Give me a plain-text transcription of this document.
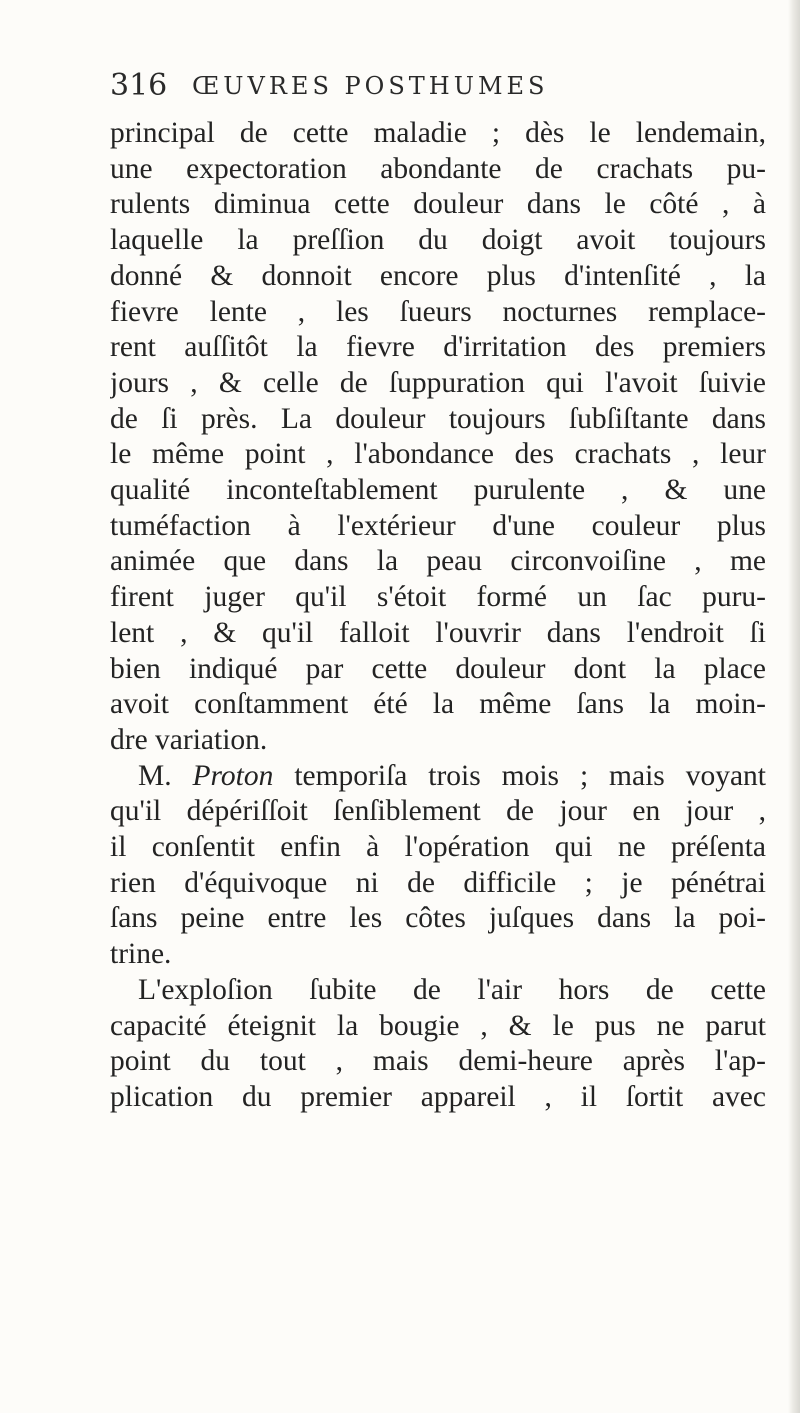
316 ŒUVRES POSTHUMES
principal de cette maladie ; dès le lendemain,
une expectoration abondante de crachats pu-
rulents diminua cette douleur dans le côté , à
laquelle la preſſion du doigt avoit toujours
donné & donnoit encore plus d'intenſité , la
fievre lente , les ſueurs nocturnes remplace-
rent auſſitôt la fievre d'irritation des premiers
jours , & celle de ſuppuration qui l'avoit ſuivie
de ſi près. La douleur toujours ſubſiſtante dans
le même point , l'abondance des crachats , leur
qualité inconteſtablement purulente , & une
tuméfaction à l'extérieur d'une couleur plus
animée que dans la peau circonvoiſine , me
firent juger qu'il s'étoit formé un ſac puru-
lent , & qu'il falloit l'ouvrir dans l'endroit ſi
bien indiqué par cette douleur dont la place
avoit conſtamment été la même ſans la moin-
dre variation.
M. Proton temporiſa trois mois ; mais voyant
qu'il dépériſſoit ſenſiblement de jour en jour ,
il conſentit enfin à l'opération qui ne préſenta
rien d'équivoque ni de difficile ; je pénétrai
ſans peine entre les côtes juſques dans la poi-
trine.
L'exploſion ſubite de l'air hors de cette
capacité éteignit la bougie , & le pus ne parut
point du tout , mais demi-heure après l'ap-
plication du premier appareil , il ſortit avec
